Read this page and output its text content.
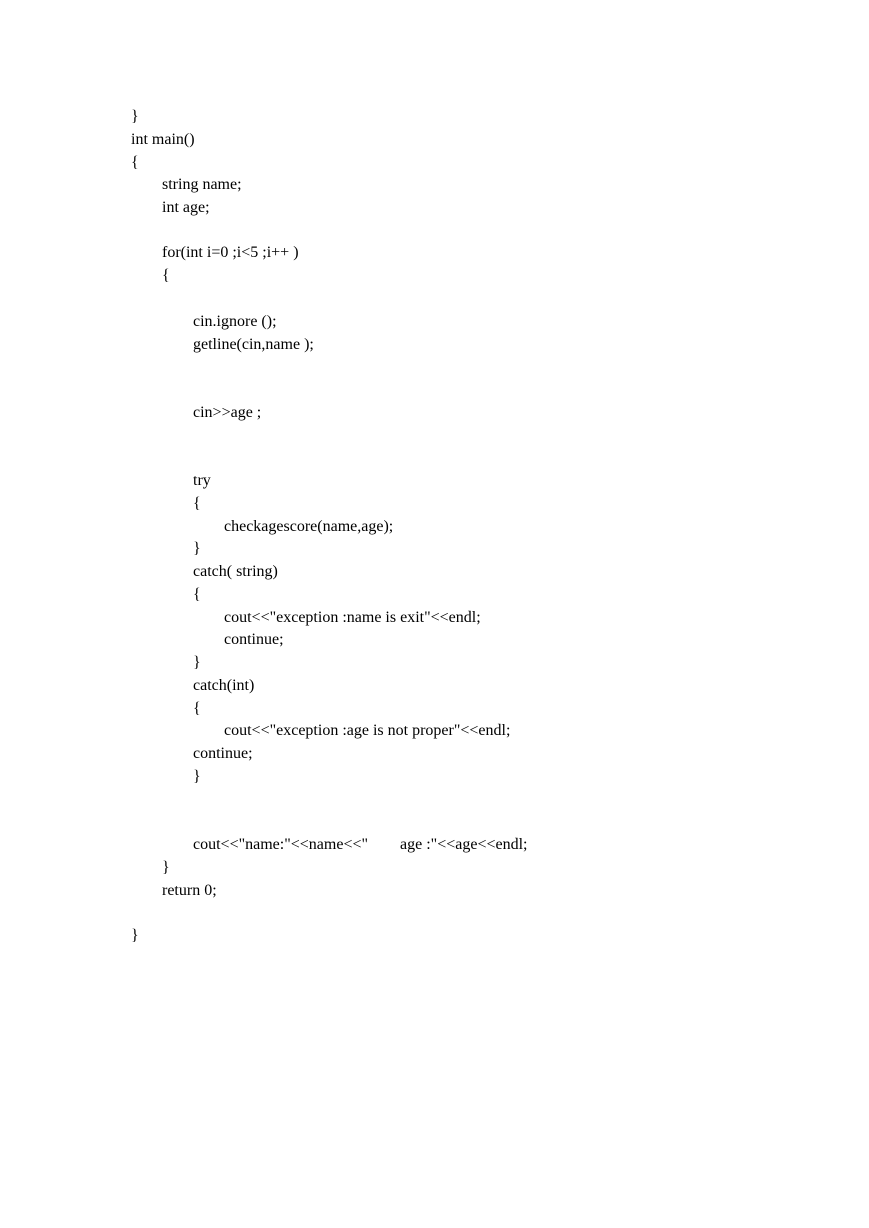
}
int main()
{
string name;
int age;
for(int i=0 ;i<5 ;i++ )
{
cin.ignore ();
getline(cin,name );
cin>>age ;
try
{
checkagescore(name,age);
}
catch( string)
{
cout<<"exception :name is exit"<<endl;
continue;
}
catch(int)
{
cout<<"exception :age is not proper"<<endl;
continue;
}
cout<<"name:"<<name<<"        age :"<<age<<endl;
}
return 0;
}
